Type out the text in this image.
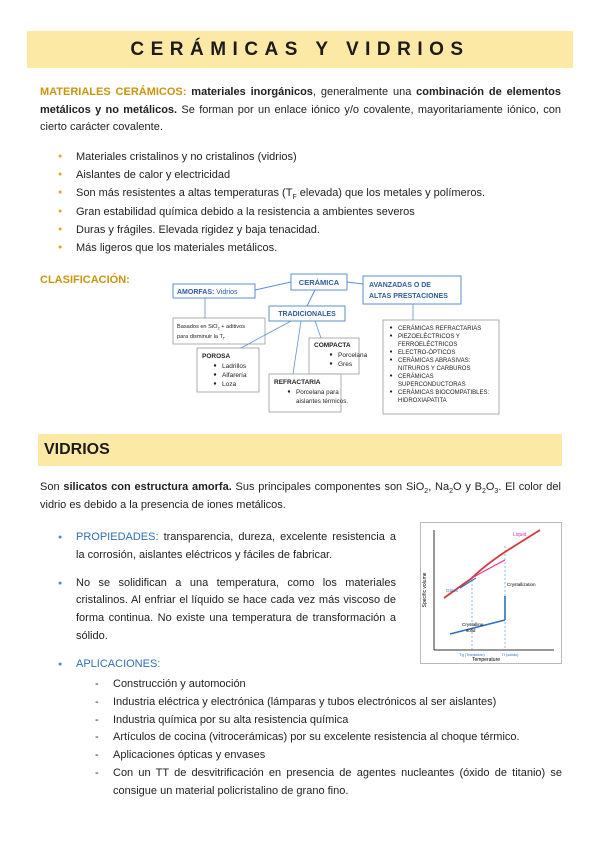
CERÁMICAS Y VIDRIOS

MATERIALES CERÁMICOS: materiales inorgánicos, generalmente una combinación de elementos metálicos y no metálicos. Se forman por un enlace iónico y/o covalente, mayoritariamente iónico, con cierto carácter covalente.

● Materiales cristalinos y no cristalinos (vidrios)
● Aislantes de calor y electricidad
● Son más resistentes a altas temperaturas ($T_F$ elevada) que los metales y polímeros.
● Gran estabilidad química debido a la resistencia a ambientes severos
● Duras y frágiles. Elevada rigidez y baja tenacidad.
● Más ligeros que los materiales metálicos.
CLASIFICACIÓN:	CERÁMICA
AMORFAS: Vidrios
Basados en SiO$_2$ + aditivos
para disminuir la $T_f$.
TRADICIONALES
POROSA
Ladrillos
Alfarería
Loza
COMPACTA
Porcelana
Gres
REFRACTARIA
Porcelana para
aislantes térmicos.
AVANZADAS O DE
ALTAS PRESTACIONES
CERÁMICAS REFRACTARIAS
PIEZOELÉCTRICOS Y
FERROELÉCTRICOS
ELECTRO-ÓPTICOS
CERÁMICAS ABRASIVAS:
NITRUROS Y CARBUROS
CERÁMICAS
SUPERCONDUCTORAS
CERÁMICAS BIOCOMPATIBLES:
HIDROXIAPATITA
VIDRIOS

Son silicatos con estructura amorfa. Sus principales componentes son SiO$_2$, $Na_2O$ y $B_2O_3$. El color del vidrio es debido a la presencia de iones metálicos.

● PROPIEDADES: transparencia, dureza, excelente resistencia a la corrosión, aislantes eléctricos y fáciles de fabricar.
● No se solidifican a una temperatura, como los materiales cristalinos. Al enfriar el líquido se hace cada vez más viscoso de forma continua. No existe una temperatura de transformación a sólido.
● APLICACIONES:
- Construcción y automoción
- Industria eléctrica y electrónica (lámparas y tubos electrónicos al ser aislantes)
- Industria química por su alta resistencia química
- Artículos de cocina (vitrocerámicas) por su excelente resistencia al choque térmico.
- Aplicaciones ópticas y envases
- Con un TT de desvitrificación en presencia de agentes nucleantes (óxido de titanio) se consigue un material policristalino de grano fino.
Specific volume
Temperature
Liquid
Crystallization
Crystalline
solid
Glass
Tg (Transición)	Tf (sólido)
